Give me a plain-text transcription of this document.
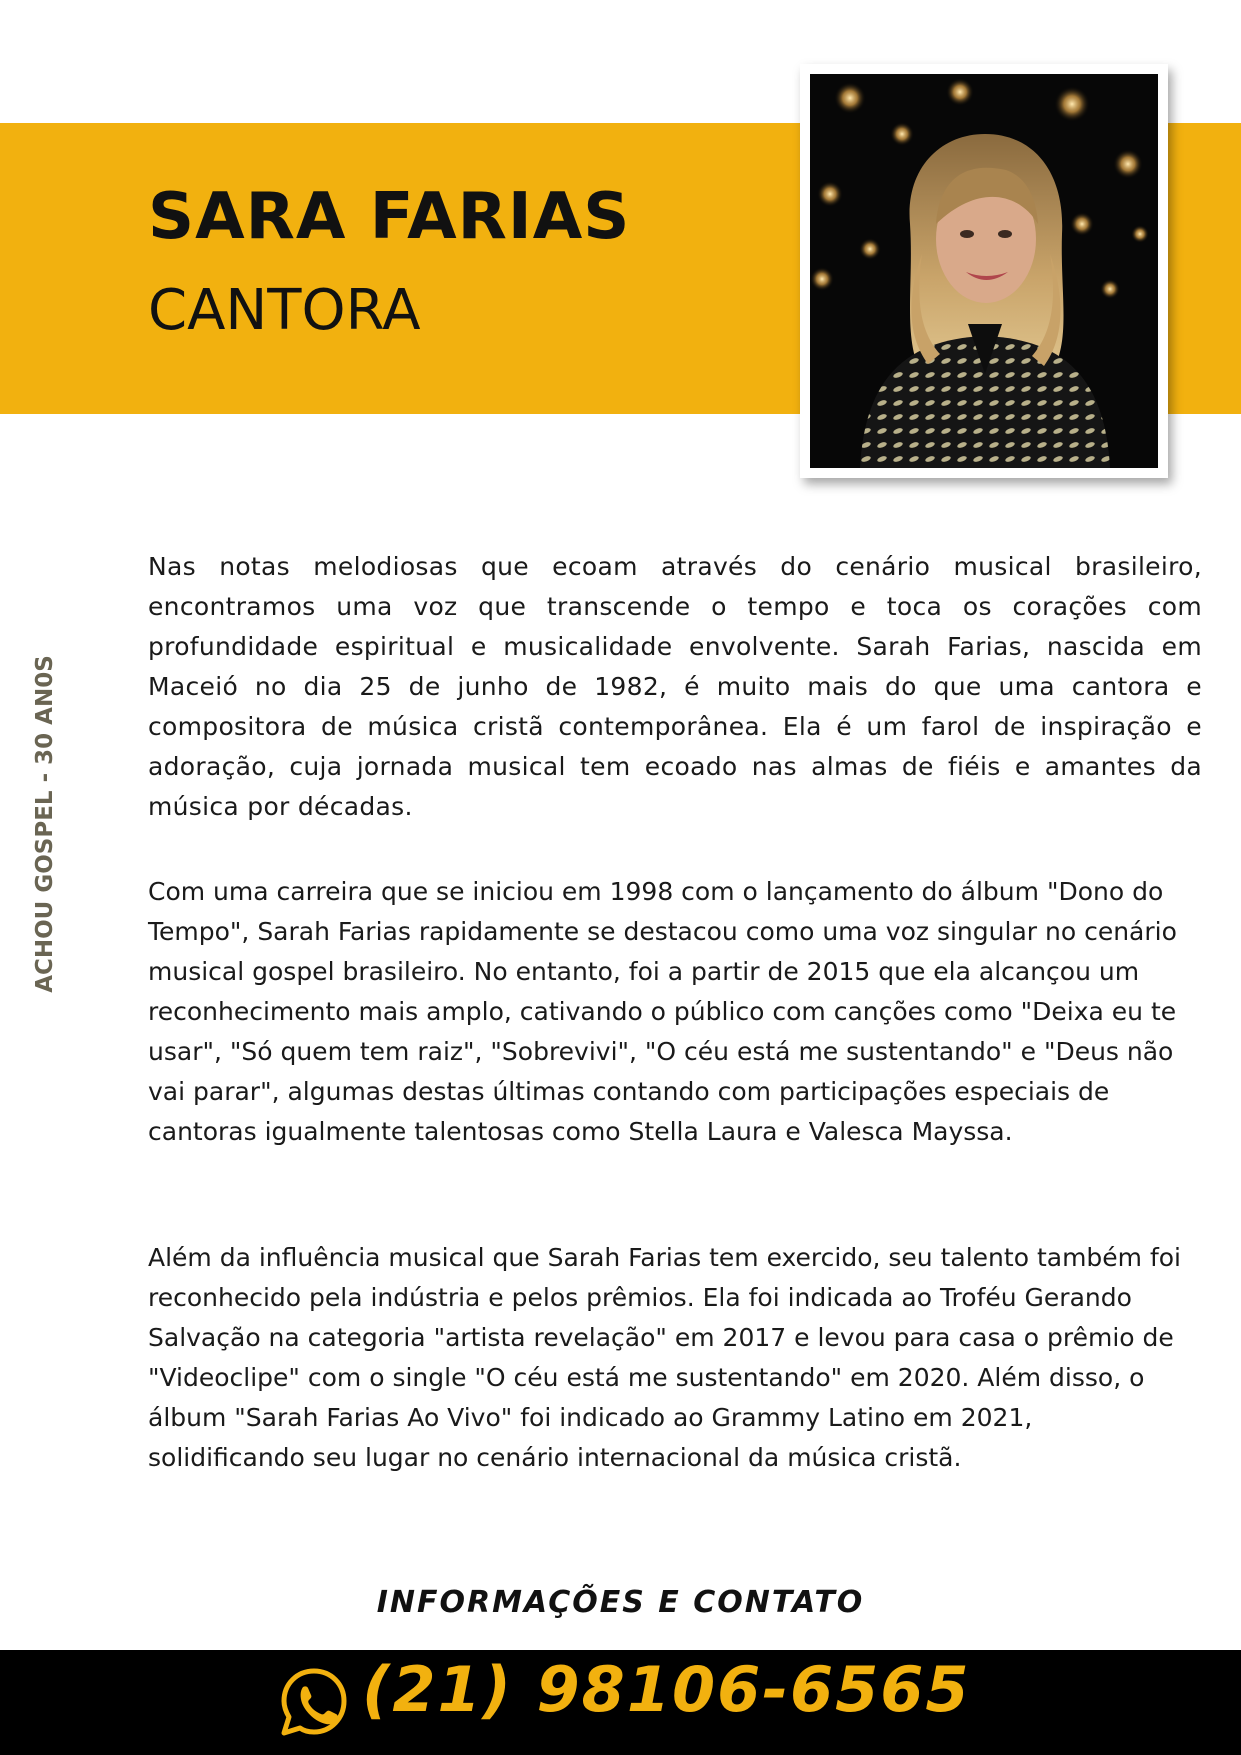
SARA FARIAS
CANTORA
ACHOU GOSPEL - 30 AN0S

Nas notas melodiosas que ecoam através do cenário musical brasileiro, encontramos uma voz que transcende o tempo e toca os corações com profundidade espiritual e musicalidade envolvente. Sarah Farias, nascida em Maceió no dia 25 de junho de 1982, é muito mais do que uma cantora e compositora de música cristã contemporânea. Ela é um farol de inspiração e adoração, cuja jornada musical tem ecoado nas almas de fiéis e amantes da música por décadas.

Com uma carreira que se iniciou em 1998 com o lançamento do álbum "Dono do Tempo", Sarah Farias rapidamente se destacou como uma voz singular no cenário musical gospel brasileiro. No entanto, foi a partir de 2015 que ela alcançou um reconhecimento mais amplo, cativando o público com canções como "Deixa eu te usar", "Só quem tem raiz", "Sobrevivi", "O céu está me sustentando" e "Deus não vai parar", algumas destas últimas contando com participações especiais de cantoras igualmente talentosas como Stella Laura e Valesca Mayssa.

Além da influência musical que Sarah Farias tem exercido, seu talento também foi reconhecido pela indústria e pelos prêmios. Ela foi indicada ao Troféu Gerando Salvação na categoria "artista revelação" em 2017 e levou para casa o prêmio de "Videoclipe" com o single "O céu está me sustentando" em 2020. Além disso, o álbum "Sarah Farias Ao Vivo" foi indicado ao Grammy Latino em 2021, solidificando seu lugar no cenário internacional da música cristã.

INFORMAÇÕES E CONTATO
(21) 98106-6565
